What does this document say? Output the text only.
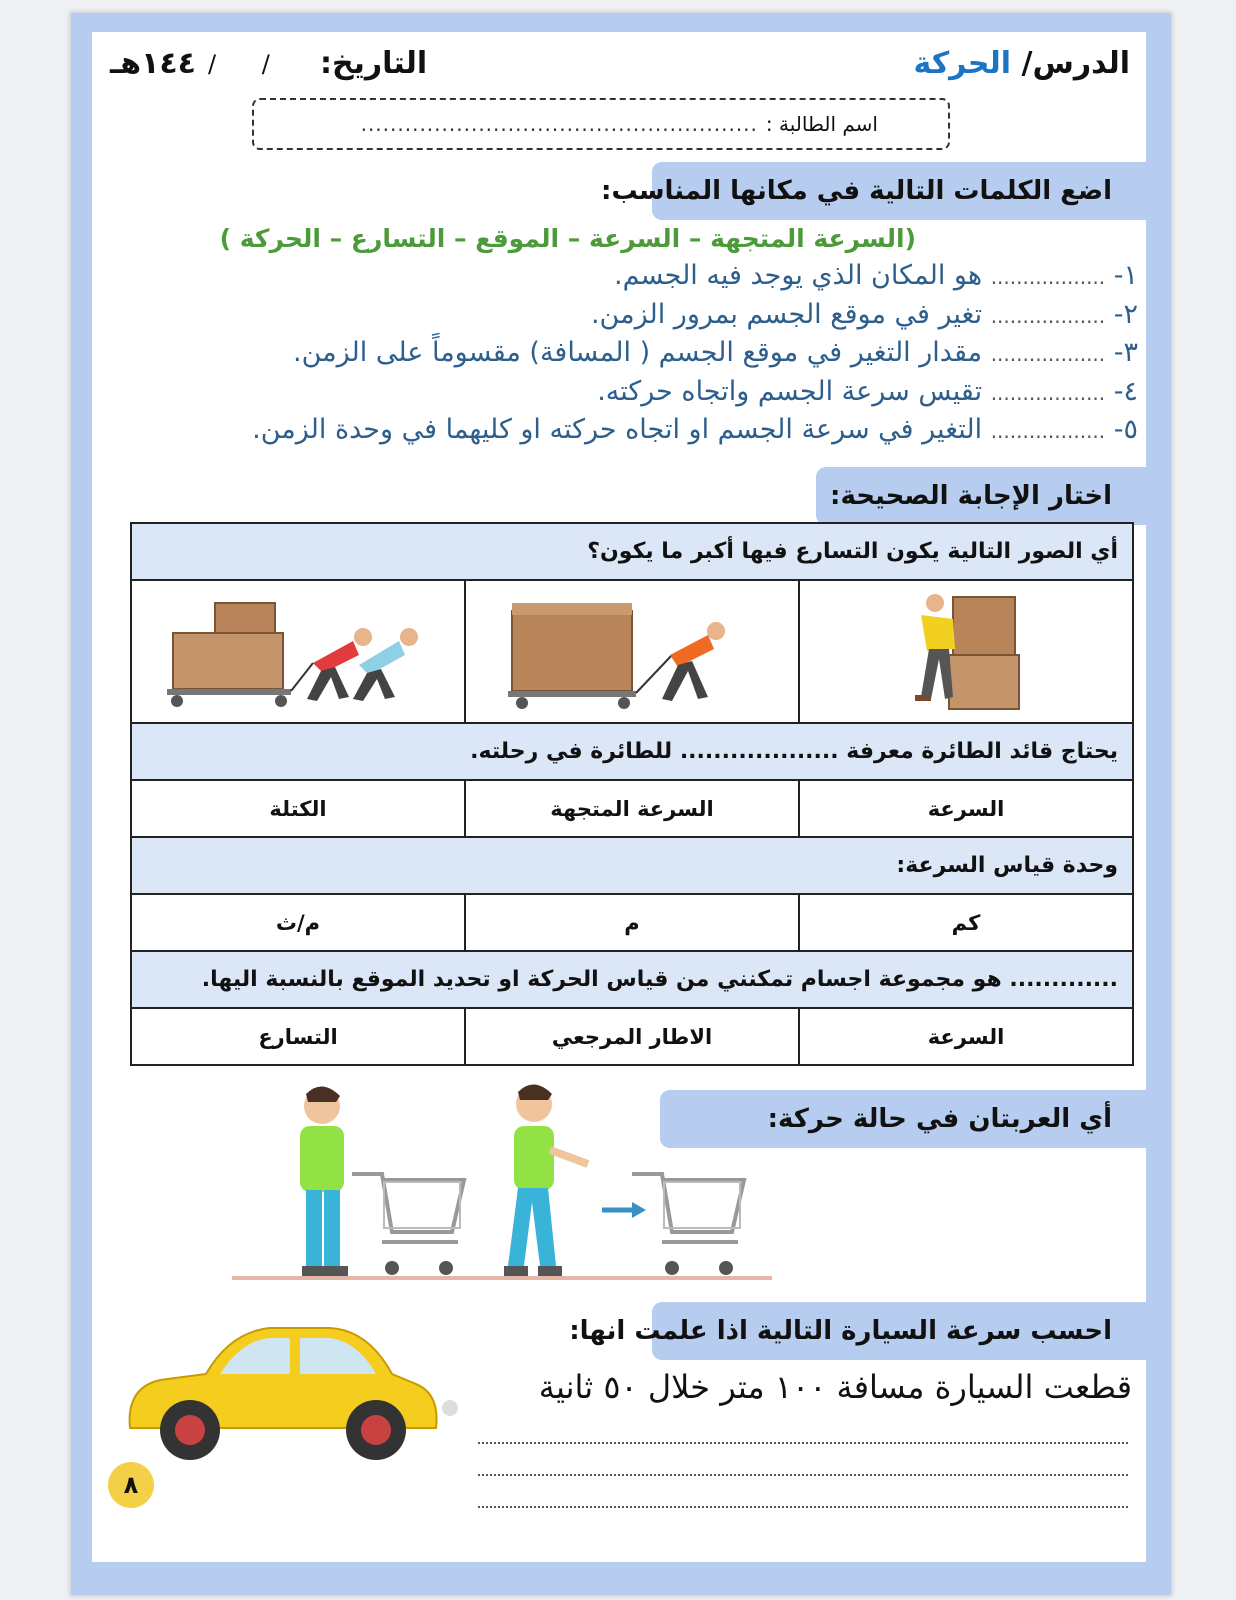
الدرس/ الحركة
التاريخ:
/ /
١٤٤هـ
اسم الطالبة :
......................................................
اضع الكلمات التالية في مكانها المناسب:
(السرعة المتجهة – السرعة – الموقع – التسارع – الحركة )
١- .................. هو المكان الذي يوجد فيه الجسم.
٢- .................. تغير في موقع الجسم بمرور الزمن.
٣- .................. مقدار التغير في موقع الجسم ( المسافة) مقسوماً على الزمن.
٤- .................. تقيس سرعة الجسم واتجاه حركته.
٥- .................. التغير في سرعة الجسم او اتجاه حركته او كليهما في وحدة الزمن.
اختار الإجابة الصحيحة:
أي الصور التالية يكون التسارع فيها أكبر ما يكون؟		

يحتاج قائد الطائرة معرفة ................... للطائرة في رحلته.		
السرعة	السرعة المتجهة	الكتلة
وحدة قياس السرعة:		
كم	م	م/ث
............. هو مجموعة اجسام تمكنني من قياس الحركة او تحديد الموقع بالنسبة اليها.		
السرعة	الاطار المرجعي	التسارع
أي العربتان في حالة حركة:
احسب سرعة السيارة التالية اذا علمت انها:
قطعت السيارة مسافة ١٠٠ متر خلال ٥٠ ثانية
٨
